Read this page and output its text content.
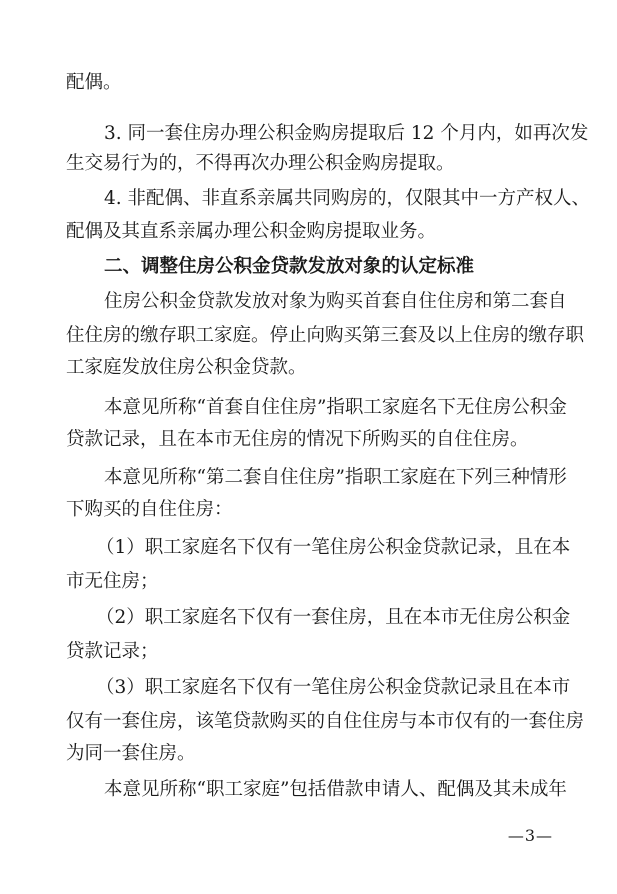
配偶。
3. 同一套住房办理公积金购房提取后 12 个月内，如再次发
生交易行为的，不得再次办理公积金购房提取。
4. 非配偶、非直系亲属共同购房的，仅限其中一方产权人、
配偶及其直系亲属办理公积金购房提取业务。
二、调整住房公积金贷款发放对象的认定标准
住房公积金贷款发放对象为购买首套自住住房和第二套自
住住房的缴存职工家庭。停止向购买第三套及以上住房的缴存职
工家庭发放住房公积金贷款。
本意见所称“首套自住住房”指职工家庭名下无住房公积金
贷款记录，且在本市无住房的情况下所购买的自住住房。
本意见所称“第二套自住住房”指职工家庭在下列三种情形
下购买的自住住房：
（1）职工家庭名下仅有一笔住房公积金贷款记录，且在本
市无住房；
（2）职工家庭名下仅有一套住房，且在本市无住房公积金
贷款记录；
（3）职工家庭名下仅有一笔住房公积金贷款记录且在本市
仅有一套住房，该笔贷款购买的自住住房与本市仅有的一套住房
为同一套住房。
本意见所称“职工家庭”包括借款申请人、配偶及其未成年
—3—
